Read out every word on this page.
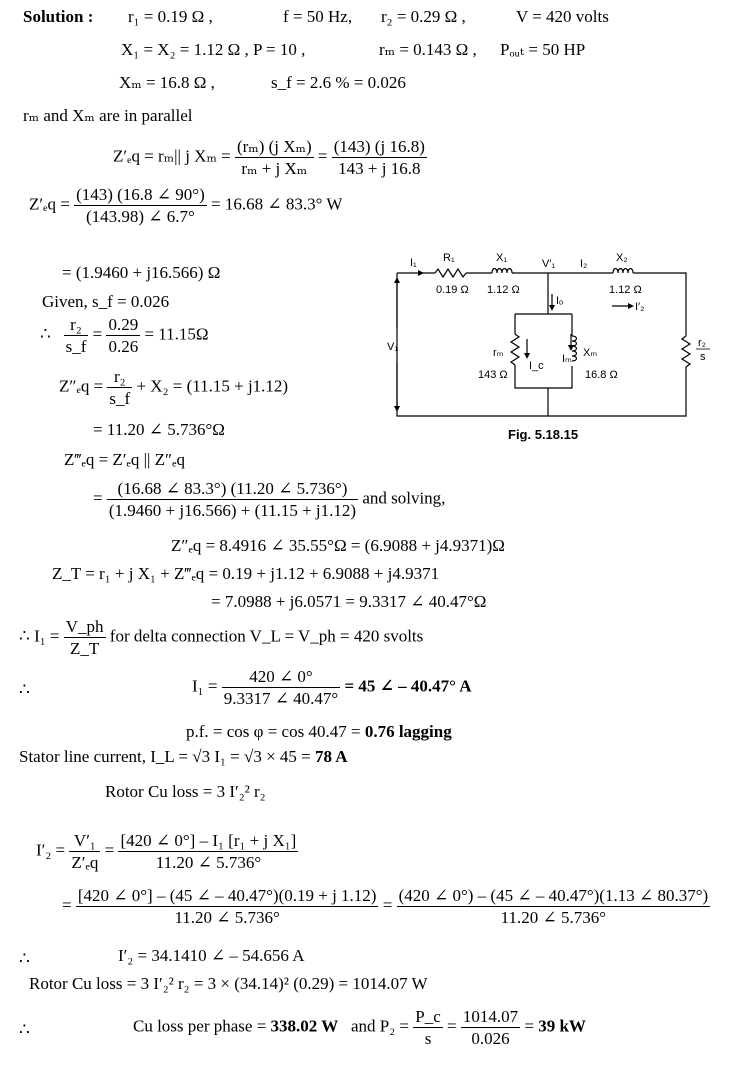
Solution : r₁ = 0.19 Ω ,	f = 50 Hz, r₂ = 0.29 Ω ,	V = 420 volts
X₁ = X₂ = 1.12 Ω , P = 10 ,	rₘ = 0.143 Ω , Pₒᵤₜ = 50 HP
Xₘ = 16.8 Ω ,	s_f = 2.6 % = 0.026
rₘ and Xₘ are in parallel
Z′ₑq = rₘ|| j $X_m = \frac{\text{(rₘ) (j Xₘ)}}{\text{rₘ + j Xₘ}} = \frac{(143) (j 16.8)}{143 + j 16.8}$
$Z'_eq = \frac{(143) (16.8 \angle 90^\circ)}{(143.98) \angle 6.7^\circ} = 16.68$ ∠ 83.3° W
= (1.9460 + j16.566) Ω
Given, s_f = 0.026
∴ $\frac{\text{r₂}}{s\_f} = \frac{0.29}{0.26} = 11.15\Omega$
$Z''_eq = \frac{\text{r₂}}{s\_f} + X_2 = (11.15 + j1.12)$
= 11.20 ∠ 5.736°Ω
Z‴ₑq = Z′ₑq || Z″ₑq
= $\frac{(16.68 \angle 83.3^\circ) (11.20 \angle 5.736^\circ)}{(1.9460 + j16.566) + (11.15 + j1.12)}$ and solving,
Z″ₑq = 8.4916 ∠ 35.55°Ω = (6.9088 + j4.9371)Ω
Z_T = r₁ + j X₁ + Z‴ₑq = 0.19 + j1.12 + 6.9088 + j4.9371
= 7.0988 + j6.0571 = 9.3317 ∠ 40.47°Ω
∴ $I_1 = \frac{V\_ph}{Z\_T}$ for delta connection V_L = V_ph = 420 svolts
∴	$I_1 = \frac{420 \angle 0^\circ}{9.3317 \angle 40.47^\circ} = 45$ ∠ – 40.47° A
p.f. = cos φ = cos 40.47 = 0.76 lagging
Stator line current, I_L = √3 I₁ = √3 × 45 = 78 A
Rotor Cu loss = 3 I′₂² r₂
$I'_2 = \frac{\text{V′₁}}{\text{Z′ₑq}} = \frac{\text{[420 ∠ 0°] – I₁ [r₁ + j X₁]}}{11.20 \angle 5.736^\circ}$
= $\frac{[420 \angle 0^\circ] - (45 \angle - 40.47^\circ)(0.19 + j 1.12)}{11.20 \angle 5.736^\circ} = \frac{(420 \angle 0^\circ) - (45 \angle - 40.47^\circ)(1.13 \angle 80.37^\circ)}{11.20 \angle 5.736^\circ}$
∴	I′₂ = 34.1410 ∠ – 54.656 A
Rotor Cu loss = 3 I′₂² r₂ = 3 × (34.14)² (0.29) = 1014.07 W
∴	Cu loss per phase = 338.02 W and $P_2 = \frac{P\_c}{s} = \frac{1014.07}{0.026} = 39$ kW
I₁ R₁
0.19 Ω
X₁
1.12 Ω
V′₁ I₂	X₂
1.12 Ω
I′₂
Iₒ
V₁	rₘ
143 Ω
I_c
Iₘ Xₘ
16.8 Ω
r₂
s
Fig. 5.18.15
